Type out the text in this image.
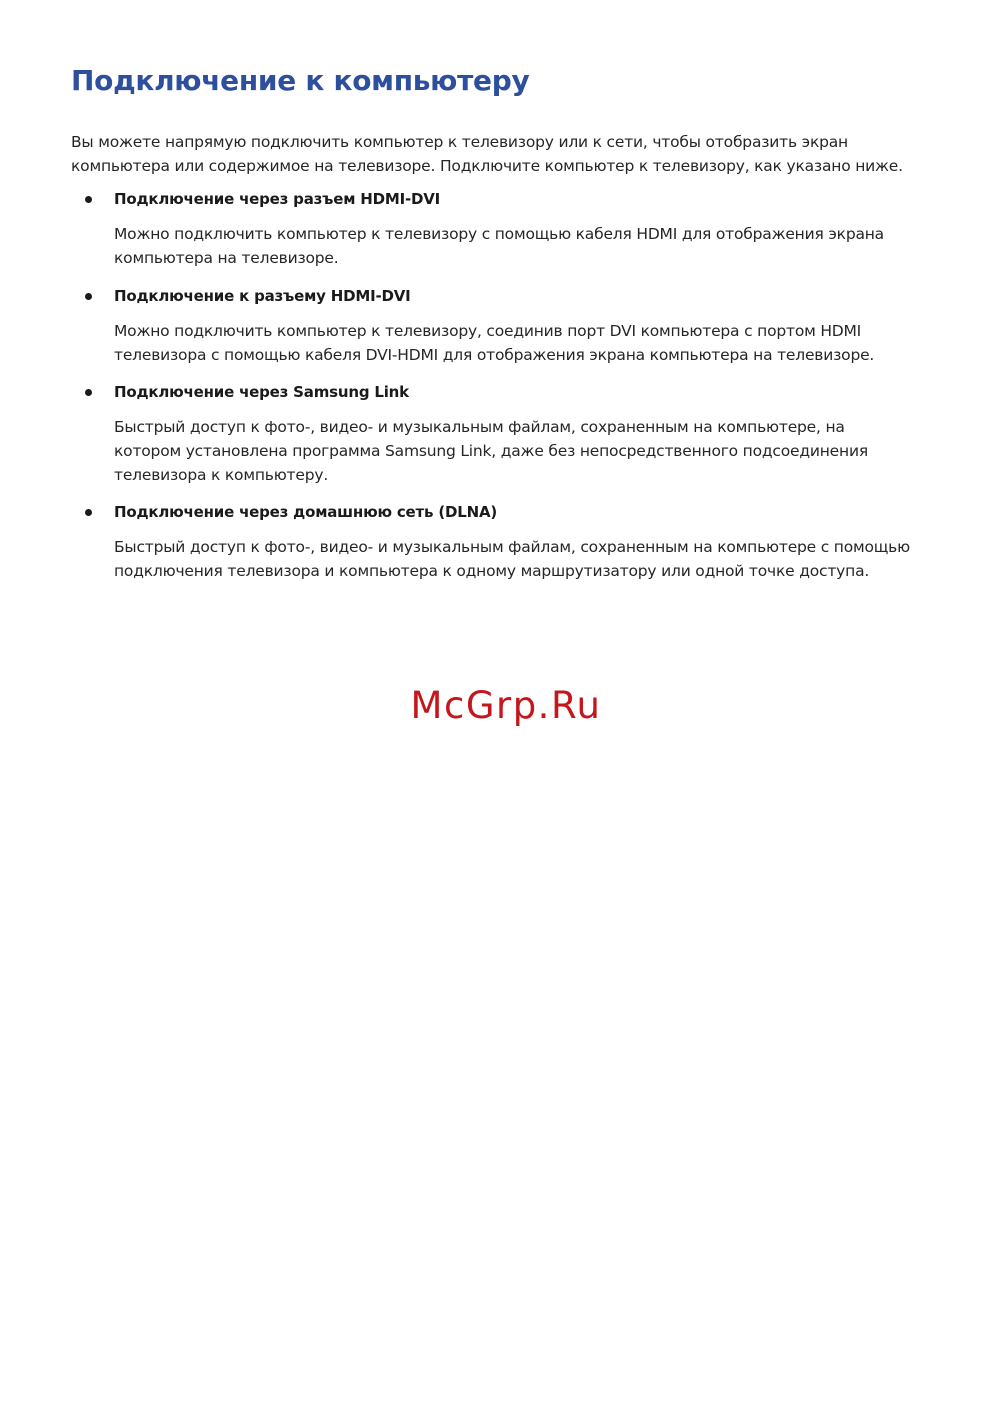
Подключение к компьютеру

Вы можете напрямую подключить компьютер к телевизору или к сети, чтобы отобразить экран компьютера или содержимое на телевизоре. Подключите компьютер к телевизору, как указано ниже.

Подключение через разъем HDMI-DVI

Можно подключить компьютер к телевизору с помощью кабеля HDMI для отображения экрана компьютера на телевизоре.

Подключение к разъему HDMI-DVI

Можно подключить компьютер к телевизору, соединив порт DVI компьютера с портом HDMI телевизора с помощью кабеля DVI-HDMI для отображения экрана компьютера на телевизоре.

Подключение через Samsung Link

Быстрый доступ к фото-, видео- и музыкальным файлам, сохраненным на компьютере, на котором установлена программа Samsung Link, даже без непосредственного подсоединения телевизора к компьютеру.

Подключение через домашнюю сеть (DLNA)

Быстрый доступ к фото-, видео- и музыкальным файлам, сохраненным на компьютере с помощью подключения телевизора и компьютера к одному маршрутизатору или одной точке доступа.

McGrp.Ru
